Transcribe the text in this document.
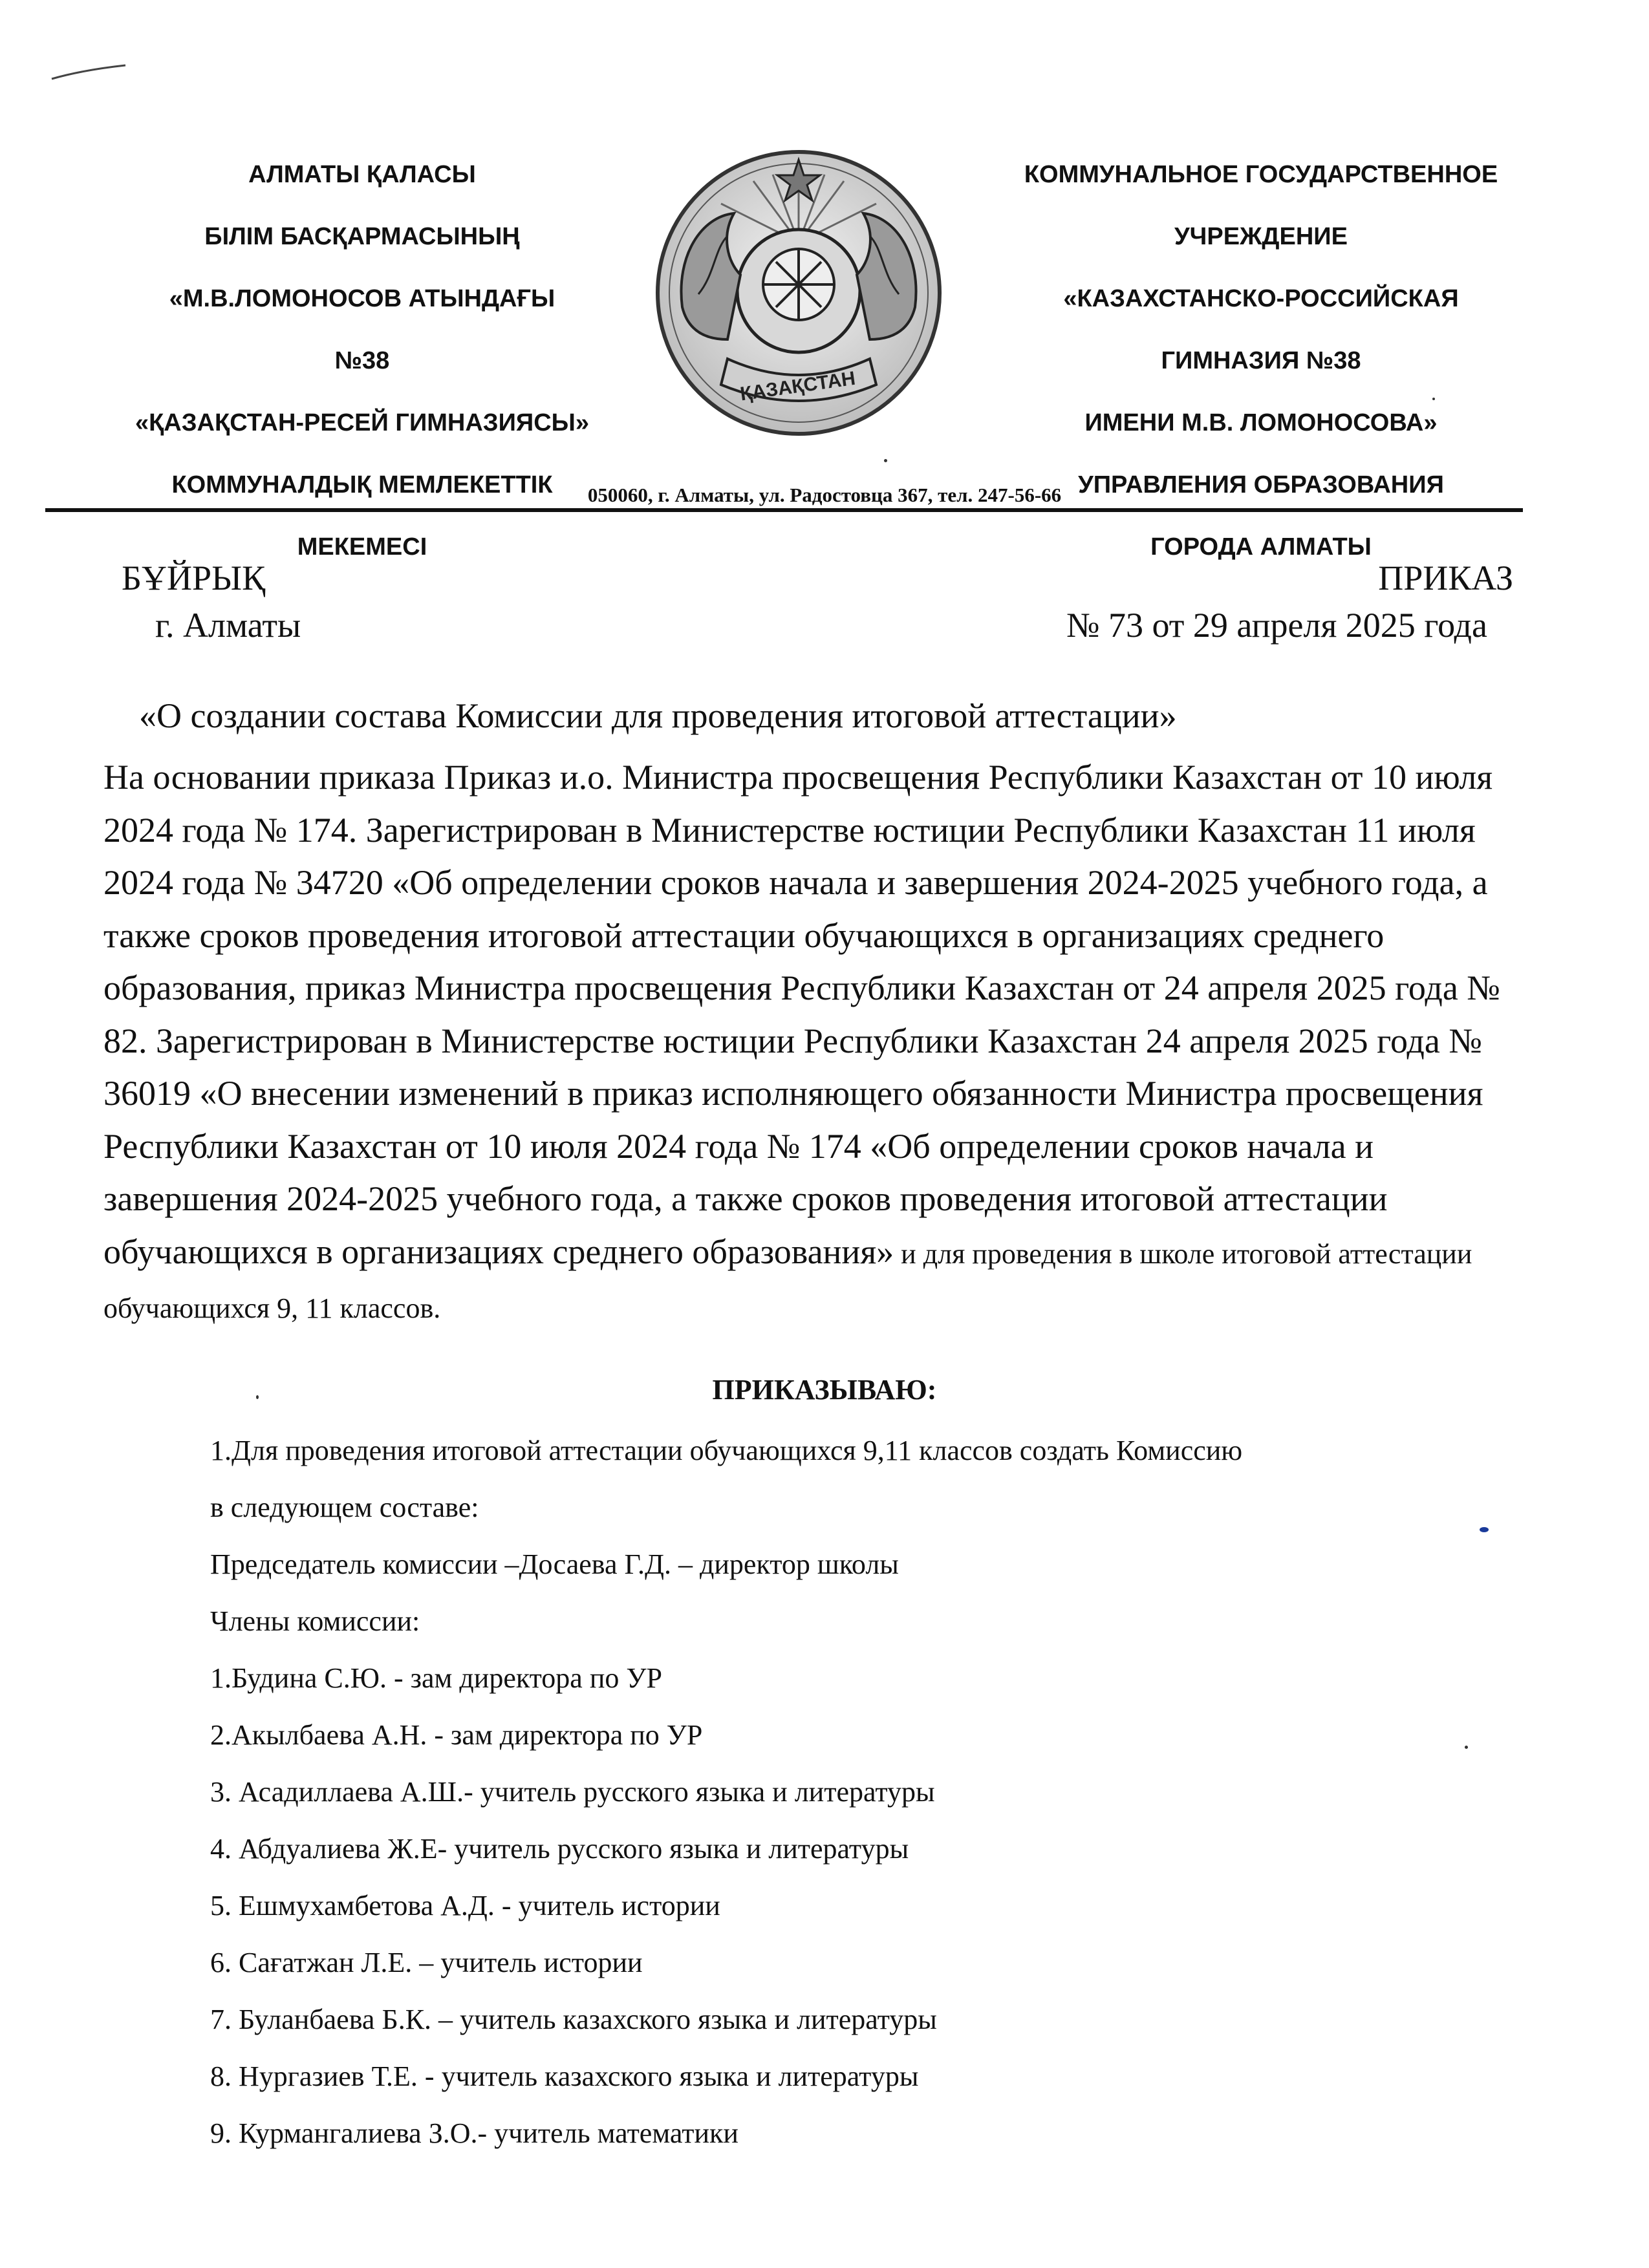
АЛМАТЫ ҚАЛАСЫ

БІЛІМ БАСҚАРМАСЫНЫҢ

«М.В.ЛОМОНОСОВ АТЫНДАҒЫ

№38

«ҚАЗАҚСТАН-РЕСЕЙ ГИМНАЗИЯСЫ»

КОММУНАЛДЫҚ МЕМЛЕКЕТТІК

МЕКЕМЕСІ

ҚАЗАҚСТАН

КОММУНАЛЬНОЕ ГОСУДАРСТВЕННОЕ

УЧРЕЖДЕНИЕ

«КАЗАХСТАНСКО-РОССИЙСКАЯ

ГИМНАЗИЯ №38

ИМЕНИ М.В. ЛОМОНОСОВА»

УПРАВЛЕНИЯ ОБРАЗОВАНИЯ

ГОРОДА АЛМАТЫ

050060, г. Алматы, ул. Радостовца 367, тел. 247-56-66
БҰЙРЫҚ	ПРИКАЗ
г. Алматы	№ 73 от 29 апреля 2025 года
«О создании состава Комиссии для проведения итоговой аттестации»
На основании приказа Приказ и.о. Министра просвещения Республики Казахстан от 10 июля 2024 года № 174. Зарегистрирован в Министерстве юстиции Республики Казахстан 11 июля 2024 года № 34720 «Об определении сроков начала и завершения 2024-2025 учебного года, а также сроков проведения итоговой аттестации обучающихся в организациях среднего образования, приказ Министра просвещения Республики Казахстан от 24 апреля 2025 года № 82. Зарегистрирован в Министерстве юстиции Республики Казахстан 24 апреля 2025 года № 36019 «О внесении изменений в приказ исполняющего обязанности Министра просвещения Республики Казахстан от 10 июля 2024 года № 174 «Об определении сроков начала и завершения 2024-2025 учебного года, а также сроков проведения итоговой аттестации обучающихся в организациях среднего образования» и для проведения в школе итоговой аттестации обучающихся 9, 11 классов.
ПРИКАЗЫВАЮ:
1.Для проведения итоговой аттестации обучающихся 9,11 классов создать Комиссию
в следующем составе:
Председатель комиссии –Досаева Г.Д. – директор школы
Члены комиссии:
1.Будина С.Ю. - зам директора по УР
2.Акылбаева А.Н. - зам директора по УР
3. Асадиллаева А.Ш.- учитель русского языка и литературы
4. Абдуалиева Ж.Е- учитель русского языка и литературы
5. Ешмухамбетова А.Д. - учитель истории
6. Сағатжан Л.Е. – учитель истории
7. Буланбаева Б.К. – учитель казахского языка и литературы
8. Нургазиев Т.Е. - учитель казахского языка и литературы
9. Курмангалиева З.О.- учитель математики
